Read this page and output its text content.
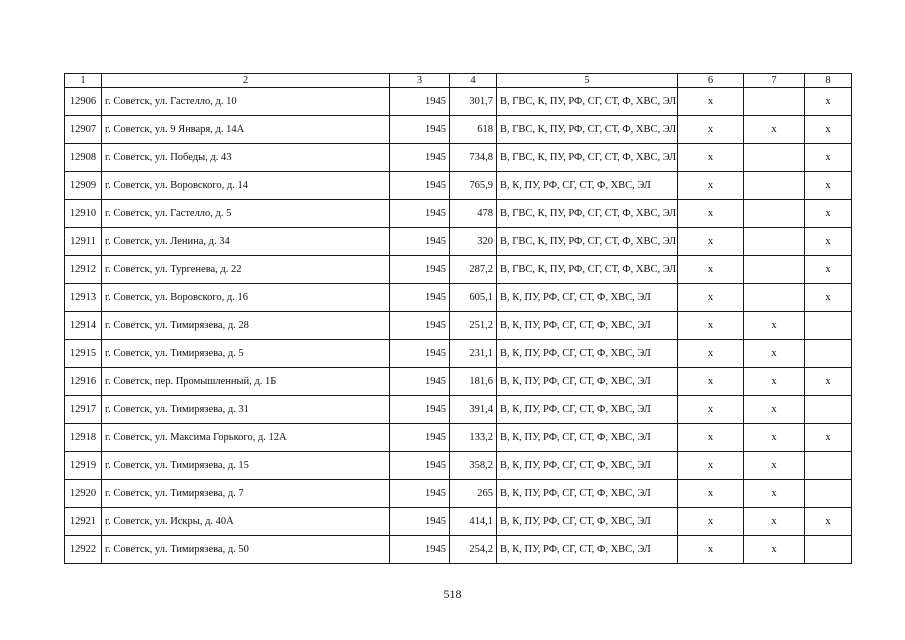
1	2	3	4	5	6	7	8
12906	г. Советск, ул. Гастелло, д. 10	1945	301,7	В, ГВС, К, ПУ, РФ, СГ, СТ, Ф, ХВС, ЭЛ	x		x
12907	г. Советск, ул. 9 Января, д. 14А	1945	618	В, ГВС, К, ПУ, РФ, СГ, СТ, Ф, ХВС, ЭЛ	x	x	x
12908	г. Советск, ул. Победы, д. 43	1945	734,8	В, ГВС, К, ПУ, РФ, СГ, СТ, Ф, ХВС, ЭЛ	x		x
12909	г. Советск, ул. Воровского, д. 14	1945	765,9	В, К, ПУ, РФ, СГ, СТ, Ф, ХВС, ЭЛ	x		x
12910	г. Советск, ул. Гастелло, д. 5	1945	478	В, ГВС, К, ПУ, РФ, СГ, СТ, Ф, ХВС, ЭЛ	x		x
12911	г. Советск, ул. Ленина, д. 34	1945	320	В, ГВС, К, ПУ, РФ, СГ, СТ, Ф, ХВС, ЭЛ	x		x
12912	г. Советск, ул. Тургенева, д. 22	1945	287,2	В, ГВС, К, ПУ, РФ, СГ, СТ, Ф, ХВС, ЭЛ	x		x
12913	г. Советск, ул. Воровского, д. 16	1945	605,1	В, К, ПУ, РФ, СГ, СТ, Ф, ХВС, ЭЛ	x		x
12914	г. Советск, ул. Тимирязева, д. 28	1945	251,2	В, К, ПУ, РФ, СГ, СТ, Ф, ХВС, ЭЛ	x	x	
12915	г. Советск, ул. Тимирязева, д. 5	1945	231,1	В, К, ПУ, РФ, СГ, СТ, Ф, ХВС, ЭЛ	x	x	
12916	г. Советск, пер. Промышленный, д. 1Б	1945	181,6	В, К, ПУ, РФ, СГ, СТ, Ф, ХВС, ЭЛ	x	x	x
12917	г. Советск, ул. Тимирязева, д. 31	1945	391,4	В, К, ПУ, РФ, СГ, СТ, Ф, ХВС, ЭЛ	x	x	
12918	г. Советск, ул. Максима Горького, д. 12А	1945	133,2	В, К, ПУ, РФ, СГ, СТ, Ф, ХВС, ЭЛ	x	x	x
12919	г. Советск, ул. Тимирязева, д. 15	1945	358,2	В, К, ПУ, РФ, СГ, СТ, Ф, ХВС, ЭЛ	x	x	
12920	г. Советск, ул. Тимирязева, д. 7	1945	265	В, К, ПУ, РФ, СГ, СТ, Ф, ХВС, ЭЛ	x	x	
12921	г. Советск, ул. Искры, д. 40А	1945	414,1	В, К, ПУ, РФ, СГ, СТ, Ф, ХВС, ЭЛ	x	x	x
12922	г. Советск, ул. Тимирязева, д. 50	1945	254,2	В, К, ПУ, РФ, СГ, СТ, Ф, ХВС, ЭЛ	x	x	
518
